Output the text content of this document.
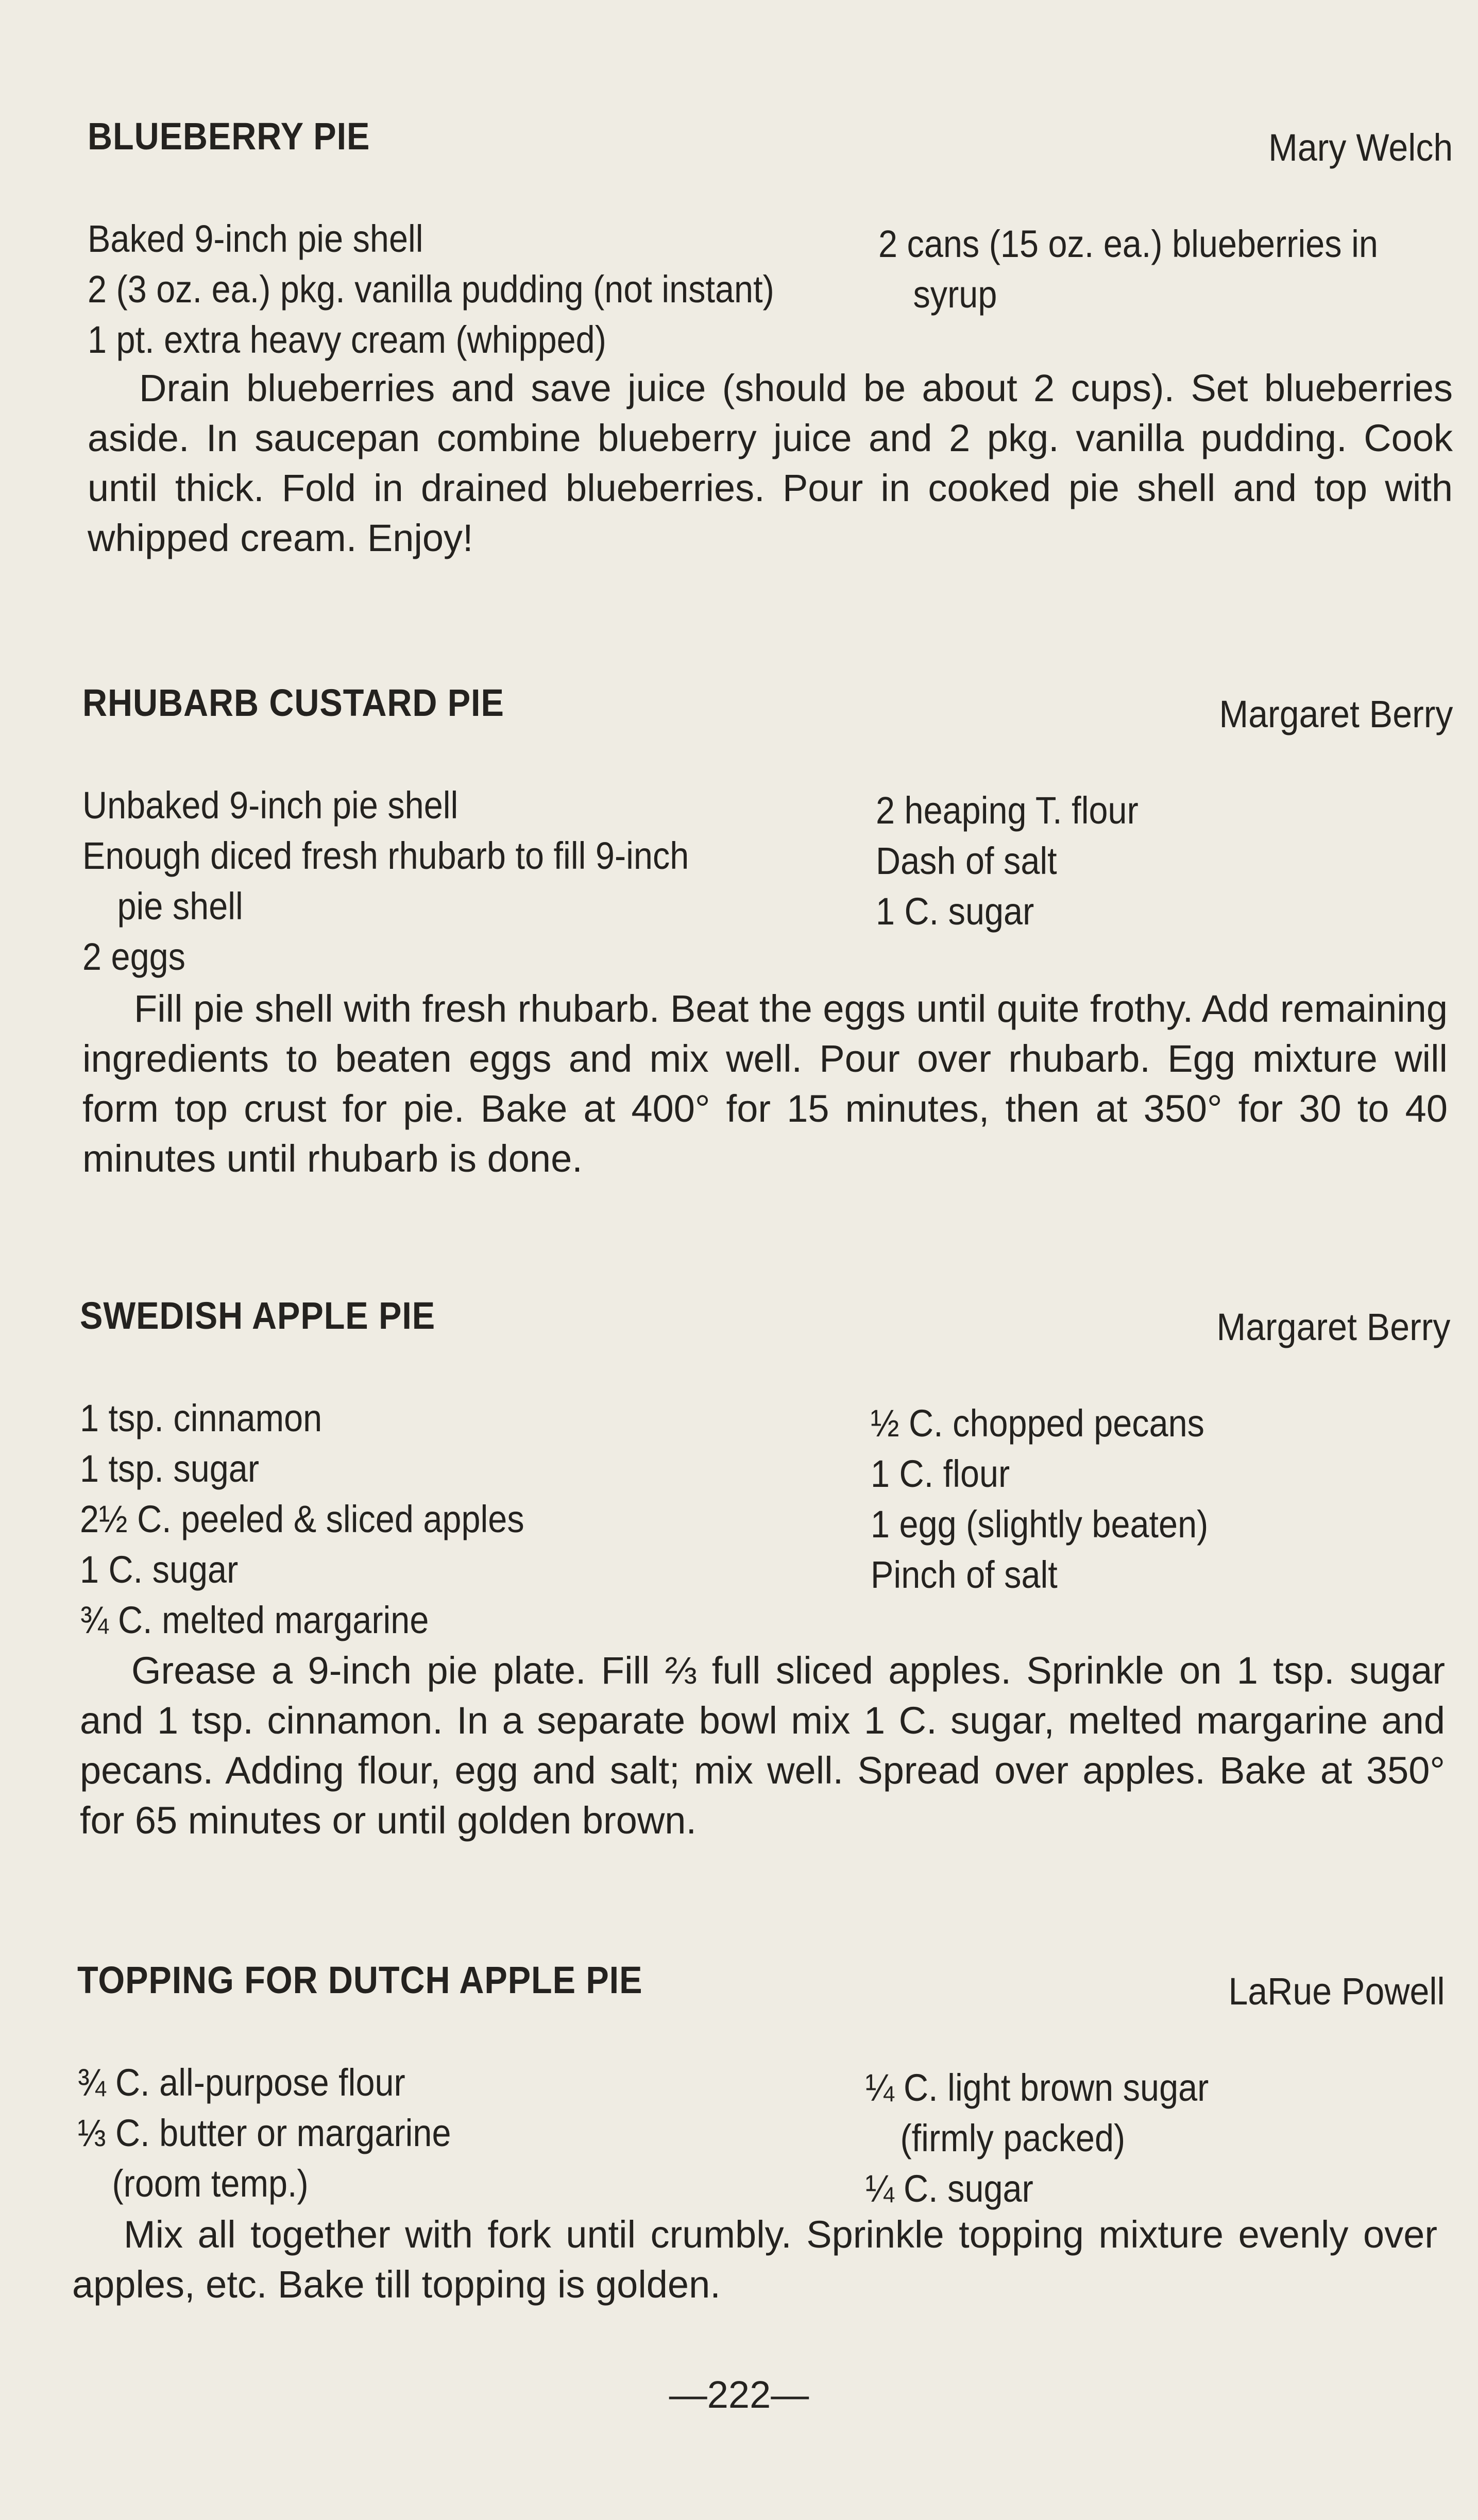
BLUEBERRY PIE	Mary Welch
Baked 9-inch pie shell
2 (3 oz. ea.) pkg. vanilla pudding (not instant)
1 pt. extra heavy cream (whipped)
2 cans (15 oz. ea.) blueberries in
syrup
Drain blueberries and save juice (should be about 2 cups). Set blueberries aside. In saucepan combine blueberry juice and 2 pkg. vanilla pudding. Cook until thick. Fold in drained blueberries. Pour in cooked pie shell and top with whipped cream. Enjoy!
RHUBARB CUSTARD PIE	Margaret Berry
Unbaked 9-inch pie shell
Enough diced fresh rhubarb to fill 9-inch
pie shell
2 eggs
2 heaping T. flour
Dash of salt
1 C. sugar
Fill pie shell with fresh rhubarb. Beat the eggs until quite frothy. Add remaining ingredients to beaten eggs and mix well. Pour over rhubarb. Egg mixture will form top crust for pie. Bake at 400° for 15 minutes, then at 350° for 30 to 40 minutes until rhubarb is done.
SWEDISH APPLE PIE	Margaret Berry
1 tsp. cinnamon
1 tsp. sugar
2½ C. peeled & sliced apples
1 C. sugar
¾ C. melted margarine
½ C. chopped pecans
1 C. flour
1 egg (slightly beaten)
Pinch of salt
Grease a 9-inch pie plate. Fill ⅔ full sliced apples. Sprinkle on 1 tsp. sugar and 1 tsp. cinnamon. In a separate bowl mix 1 C. sugar, melted margarine and pecans. Adding flour, egg and salt; mix well. Spread over apples. Bake at 350° for 65 minutes or until golden brown.
TOPPING FOR DUTCH APPLE PIE	LaRue Powell
¾ C. all-purpose flour
⅓ C. butter or margarine
(room temp.)
¼ C. light brown sugar
(firmly packed)
¼ C. sugar
Mix all together with fork until crumbly. Sprinkle topping mixture evenly over apples, etc. Bake till topping is golden.
—222—
